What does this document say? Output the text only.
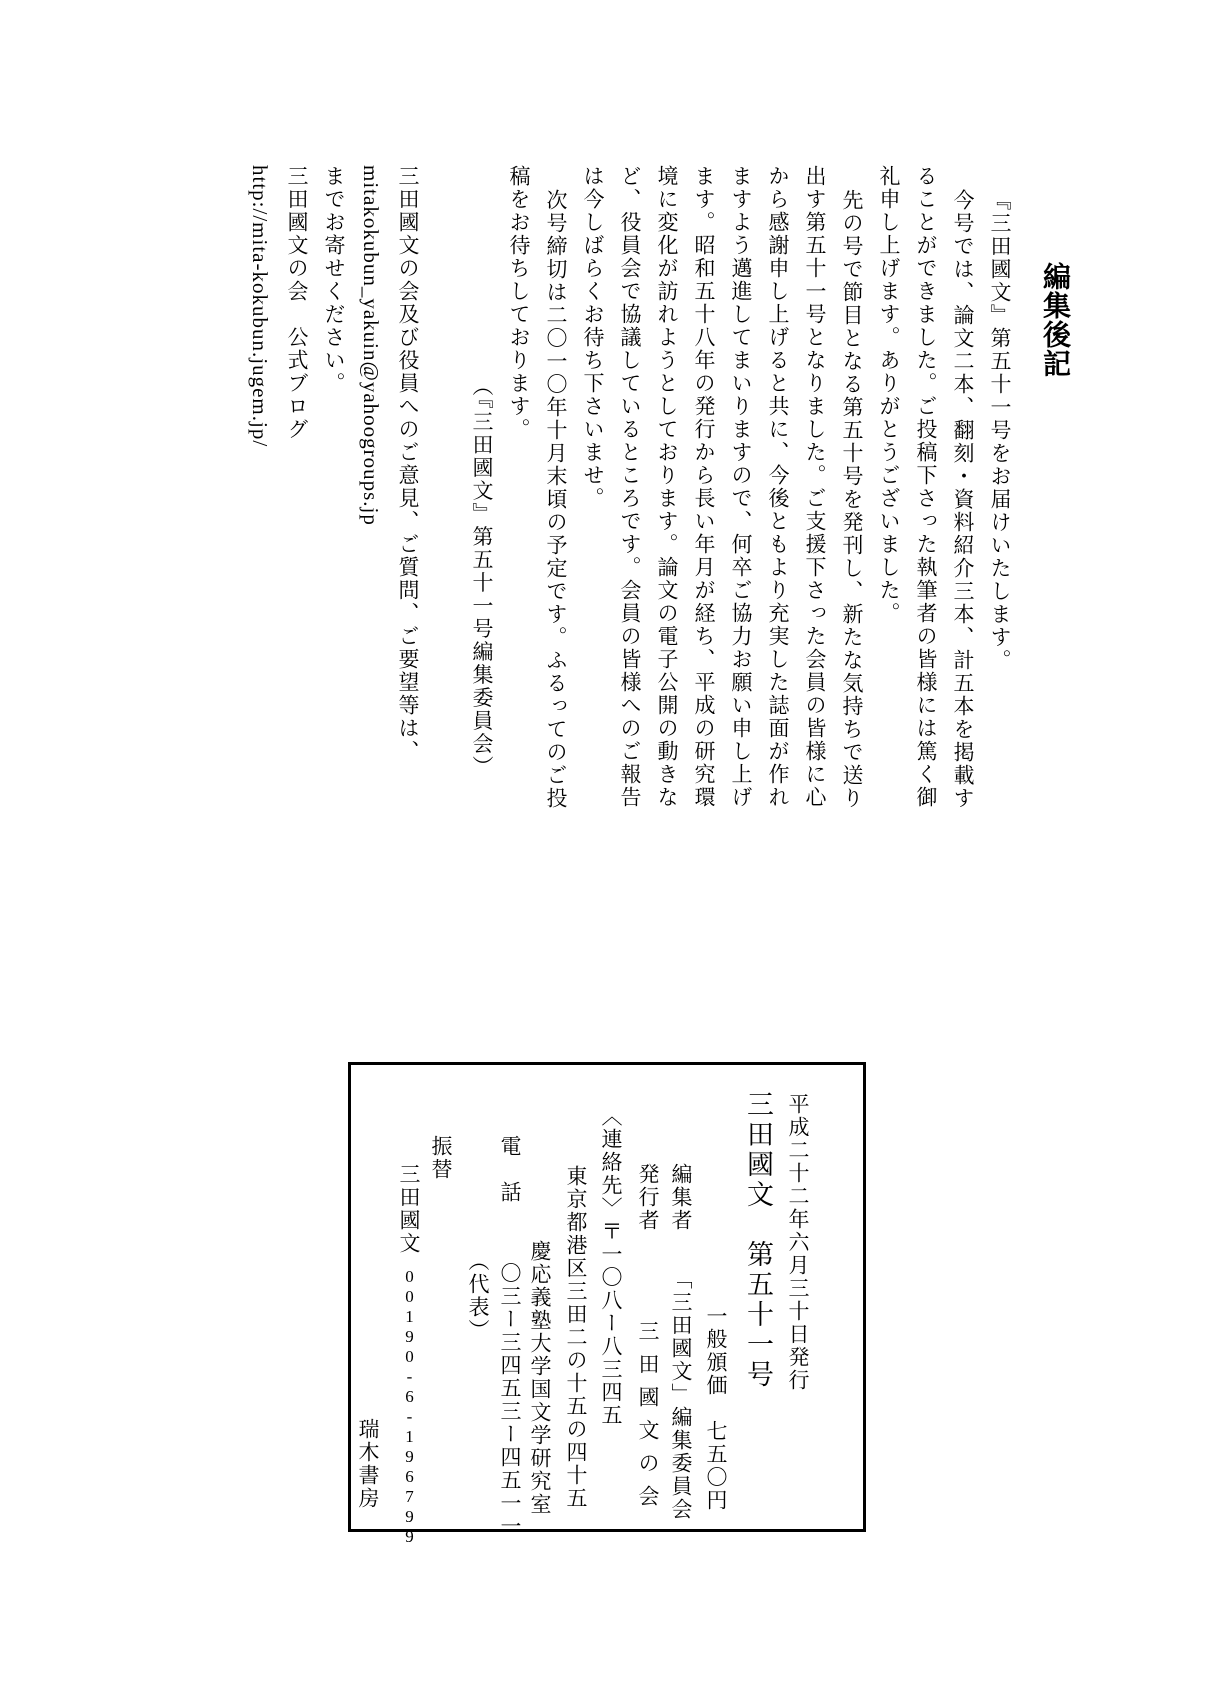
編集後記
『三田國文』第五十一号をお届けいたします。
今号では、論文二本、翻刻・資料紹介三本、計五本を掲載す
ることができました。ご投稿下さった執筆者の皆様には篤く御
礼申し上げます。ありがとうございました。
先の号で節目となる第五十号を発刊し、新たな気持ちで送り
出す第五十一号となりました。ご支援下さった会員の皆様に心
から感謝申し上げると共に、今後ともより充実した誌面が作れ
ますよう邁進してまいりますので、何卒ご協力お願い申し上げ
ます。昭和五十八年の発行から長い年月が経ち、平成の研究環
境に変化が訪れようとしております。論文の電子公開の動きな
ど、役員会で協議しているところです。会員の皆様へのご報告
は今しばらくお待ち下さいませ。
次号締切は二〇一〇年十月末頃の予定です。ふるってのご投
稿をお待ちしております。
（『三田國文』第五十一号編集委員会）
三田國文の会及び役員へのご意見、ご質問、ご要望等は、
mitakokubun_yakuin@yahoogroups.jp
までお寄せください。
三田國文の会　公式ブログ
http://mita-kokubun.jugem.jp/
平成二十二年六月三十日発行
三田國文　第五十一号
一般頒価　七五〇円
編集者「三田國文」編集委員会
発行者三田國文の会
〈連絡先〉〒一〇八ー八三四五
東京都港区三田二の十五の四十五
慶応義塾大学国文学研究室
電　話〇三ー三四五三ー四五一一
（代表）
振替
三田國文00190-6-196799
瑞木書房
